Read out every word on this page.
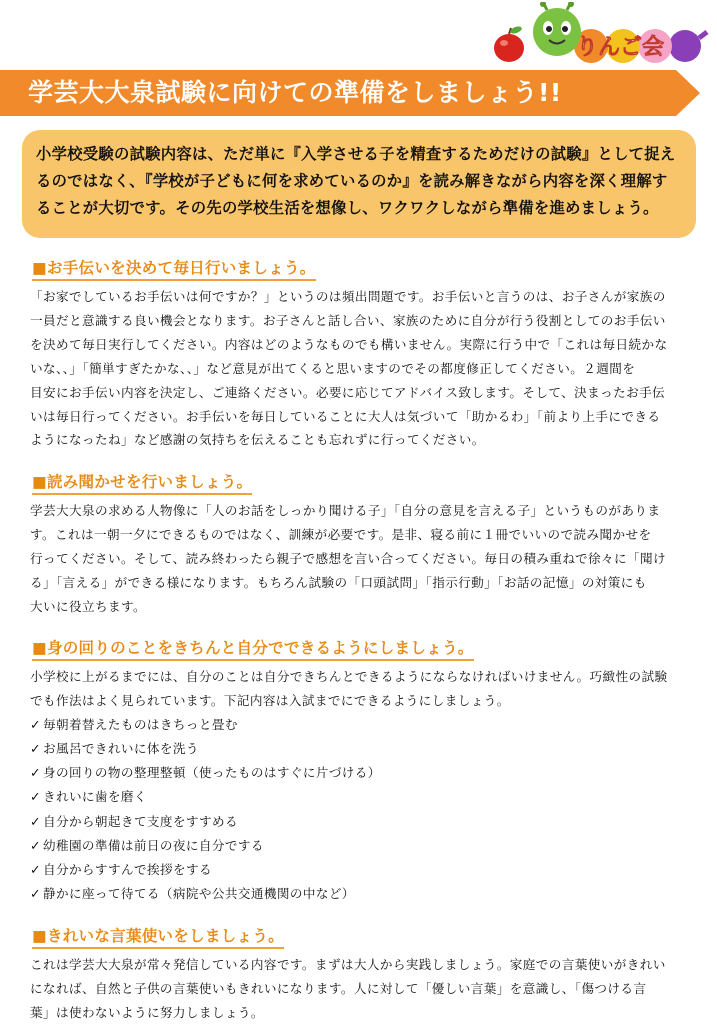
りんご会
学芸大大泉試験に向けての準備をしましょう!!
小学校受験の試験内容は、ただ単に『入学させる子を精査するためだけの試験』として捉え
るのではなく、『学校が子どもに何を求めているのか』を読み解きながら内容を深く理解す
ることが大切です。その先の学校生活を想像し、ワクワクしながら準備を進めましょう。
■お手伝いを決めて毎日行いましょう。

「お家でしているお手伝いは何ですか？」というのは頻出問題です。お手伝いと言うのは、お子さんが家族の

一員だと意識する良い機会となります。お子さんと話し合い、家族のために自分が行う役割としてのお手伝い

を決めて毎日実行してください。内容はどのようなものでも構いません。実際に行う中で「これは毎日続かな

いな、、」「簡単すぎたかな、、」など意見が出てくると思いますのでその都度修正してください。２週間を

目安にお手伝い内容を決定し、ご連絡ください。必要に応じてアドバイス致します。そして、決まったお手伝

いは毎日行ってください。お手伝いを毎日していることに大人は気づいて「助かるわ」「前より上手にできる

ようになったね」など感謝の気持ちを伝えることも忘れずに行ってください。

■読み聞かせを行いましょう。

学芸大大泉の求める人物像に「人のお話をしっかり聞ける子」「自分の意見を言える子」というものがありま

す。これは一朝一夕にできるものではなく、訓練が必要です。是非、寝る前に１冊でいいので読み聞かせを

行ってください。そして、読み終わったら親子で感想を言い合ってください。毎日の積み重ねで徐々に「聞け

る」「言える」ができる様になります。もちろん試験の「口頭試問」「指示行動」「お話の記憶」の対策にも

大いに役立ちます。

■身の回りのことをきちんと自分でできるようにしましょう。

小学校に上がるまでには、自分のことは自分できちんとできるようにならなければいけません。巧緻性の試験

でも作法はよく見られています。下記内容は入試までにできるようにしましょう。

✓ 毎朝着替えたものはきちっと畳む
✓ お風呂できれいに体を洗う
✓ 身の回りの物の整理整頓（使ったものはすぐに片づける）
✓ きれいに歯を磨く
✓ 自分から朝起きて支度をすすめる
✓ 幼稚園の準備は前日の夜に自分でする
✓ 自分からすすんで挨拶をする
✓ 静かに座って待てる（病院や公共交通機関の中など）
■きれいな言葉使いをしましょう。

これは学芸大大泉が常々発信している内容です。まずは大人から実践しましょう。家庭での言葉使いがきれい

になれば、自然と子供の言葉使いもきれいになります。人に対して「優しい言葉」を意識し、「傷つける言

葉」は使わないように努力しましょう。
